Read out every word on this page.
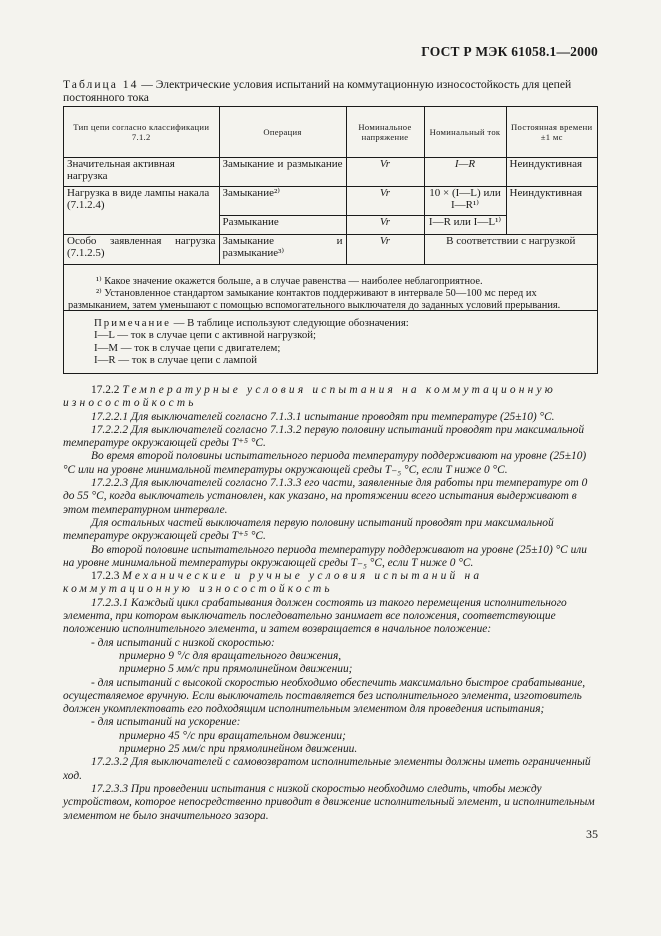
ГОСТ Р МЭК 61058.1—2000
Таблица 14 — Электрические условия испытаний на коммутационную износостойкость для цепей постоянного тока
Тип цепи согласно классификации 7.1.2	Операция	Номинальное напряжение	Номинальный ток	Постоянная времени ±1 мс
Значительная активная нагрузка	Замыкание и размыкание	Vr	I—R	Неиндуктивная
Нагрузка в виде лампы накала (7.1.2.4)	Замыкание²⁾	Vr	10 × (I—L) или I—R¹⁾	Неиндуктивная
	Размыкание	Vr	I—R или I—L¹⁾	
Особо заявленная нагрузка (7.1.2.5)	Замыкание и размыкание³⁾	Vr	В соответствии с нагрузкой	
¹⁾ Какое значение окажется больше, а в случае равенства — наиболее неблагоприятное.
²⁾ Установленное стандартом замыкание контактов поддерживают в интервале 50—100 мс перед их
размыканием, затем уменьшают с помощью вспомогательного выключателя до заданных условий прерывания.
Примечание — В таблице используют следующие обозначения:
I—L — ток в случае цепи с активной нагрузкой;
I—M — ток в случае цепи с двигателем;
I—R — ток в случае цепи с лампой

17.2.2 Температурные условия испытания на коммутационную износостойкость

17.2.2.1 Для выключателей согласно 7.1.3.1 испытание проводят при температуре (25±10) °С.

17.2.2.2 Для выключателей согласно 7.1.3.2 первую половину испытаний проводят при максимальной температуре окружающей среды T⁺⁵ °С.

Во время второй половины испытательного периода температуру поддерживают на уровне (25±10) °С или на уровне минимальной температуры окружающей среды T₋₅ °С, если T ниже 0 °С.

17.2.2.3 Для выключателей согласно 7.1.3.3 его части, заявленные для работы при температуре от 0 до 55 °С, когда выключатель установлен, как указано, на протяжении всего испытания выдерживают в этом температурном интервале.

Для остальных частей выключателя первую половину испытаний проводят при максимальной температуре окружающей среды T⁺⁵ °С.

Во второй половине испытательного периода температуру поддерживают на уровне (25±10) °С или на уровне минимальной температуры окружающей среды T₋₅ °С, если T ниже 0 °С.

17.2.3 Механические и ручные условия испытаний на коммутационную износостойкость

17.2.3.1 Каждый цикл срабатывания должен состоять из такого перемещения исполнительного элемента, при котором выключатель последовательно занимает все положения, соответствующие положению исполнительного элемента, и затем возвращается в начальное положение:

- для испытаний с низкой скоростью:

примерно 9 °/с для вращательного движения,

примерно 5 мм/с при прямолинейном движении;

- для испытаний с высокой скоростью необходимо обеспечить максимально быстрое срабатывание, осуществляемое вручную. Если выключатель поставляется без исполнительного элемента, изготовитель должен укомплектовать его подходящим исполнительным элементом для проведения испытания;

- для испытаний на ускорение:

примерно 45 °/с при вращательном движении;

примерно 25 мм/с при прямолинейном движении.

17.2.3.2 Для выключателей с самовозвратом исполнительные элементы должны иметь ограниченный ход.

17.2.3.3 При проведении испытания с низкой скоростью необходимо следить, чтобы между устройством, которое непосредственно приводит в движение исполнительный элемент, и исполнительным элементом не было значительного зазора.

35
